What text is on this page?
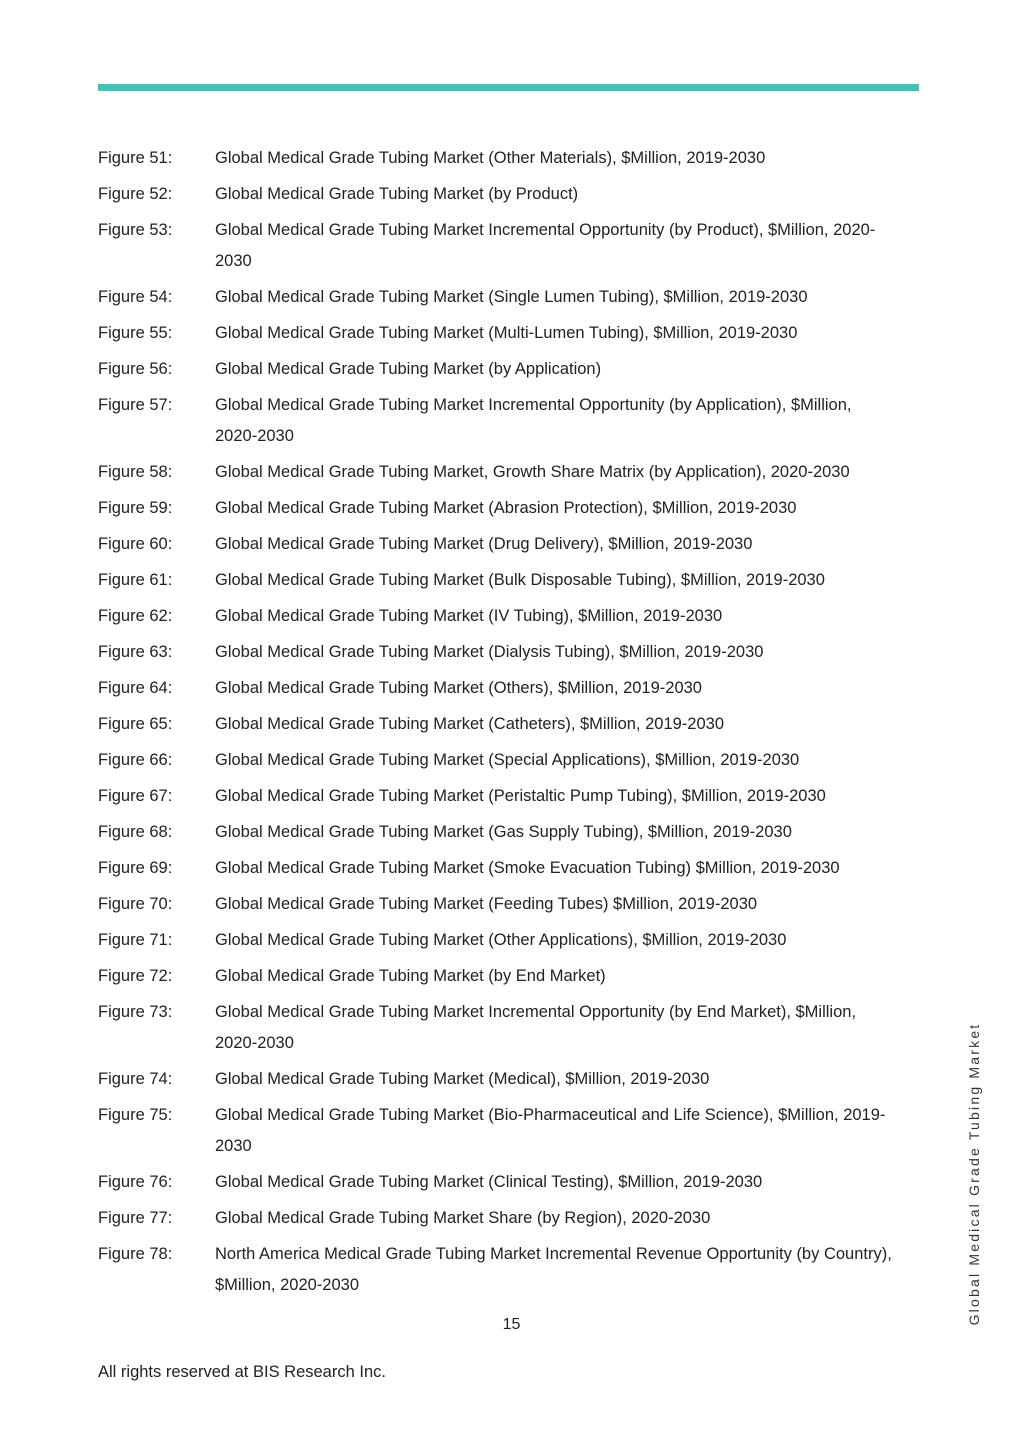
Figure 51:	Global Medical Grade Tubing Market (Other Materials), $Million, 2019-2030
Figure 52:	Global Medical Grade Tubing Market (by Product)
Figure 53:	Global Medical Grade Tubing Market Incremental Opportunity (by Product), $Million, 2020-2030
Figure 54:	Global Medical Grade Tubing Market (Single Lumen Tubing), $Million, 2019-2030
Figure 55:	Global Medical Grade Tubing Market (Multi-Lumen Tubing), $Million, 2019-2030
Figure 56:	Global Medical Grade Tubing Market (by Application)
Figure 57:	Global Medical Grade Tubing Market Incremental Opportunity (by Application), $Million, 2020-2030
Figure 58:	Global Medical Grade Tubing Market, Growth Share Matrix (by Application), 2020-2030
Figure 59:	Global Medical Grade Tubing Market (Abrasion Protection), $Million, 2019-2030
Figure 60:	Global Medical Grade Tubing Market (Drug Delivery), $Million, 2019-2030
Figure 61:	Global Medical Grade Tubing Market (Bulk Disposable Tubing), $Million, 2019-2030
Figure 62:	Global Medical Grade Tubing Market (IV Tubing), $Million, 2019-2030
Figure 63:	Global Medical Grade Tubing Market (Dialysis Tubing), $Million, 2019-2030
Figure 64:	Global Medical Grade Tubing Market (Others), $Million, 2019-2030
Figure 65:	Global Medical Grade Tubing Market (Catheters), $Million, 2019-2030
Figure 66:	Global Medical Grade Tubing Market (Special Applications), $Million, 2019-2030
Figure 67:	Global Medical Grade Tubing Market (Peristaltic Pump Tubing), $Million, 2019-2030
Figure 68:	Global Medical Grade Tubing Market (Gas Supply Tubing), $Million, 2019-2030
Figure 69:	Global Medical Grade Tubing Market (Smoke Evacuation Tubing) $Million, 2019-2030
Figure 70:	Global Medical Grade Tubing Market (Feeding Tubes) $Million, 2019-2030
Figure 71:	Global Medical Grade Tubing Market (Other Applications), $Million, 2019-2030
Figure 72:	Global Medical Grade Tubing Market (by End Market)
Figure 73:	Global Medical Grade Tubing Market Incremental Opportunity (by End Market), $Million, 2020-2030
Figure 74:	Global Medical Grade Tubing Market (Medical), $Million, 2019-2030
Figure 75:	Global Medical Grade Tubing Market (Bio-Pharmaceutical and Life Science), $Million, 2019-2030
Figure 76:	Global Medical Grade Tubing Market (Clinical Testing), $Million, 2019-2030
Figure 77:	Global Medical Grade Tubing Market Share (by Region), 2020-2030
Figure 78:	North America Medical Grade Tubing Market Incremental Revenue Opportunity (by Country), $Million, 2020-2030
15
All rights reserved at BIS Research Inc.
Global Medical Grade Tubing Market
